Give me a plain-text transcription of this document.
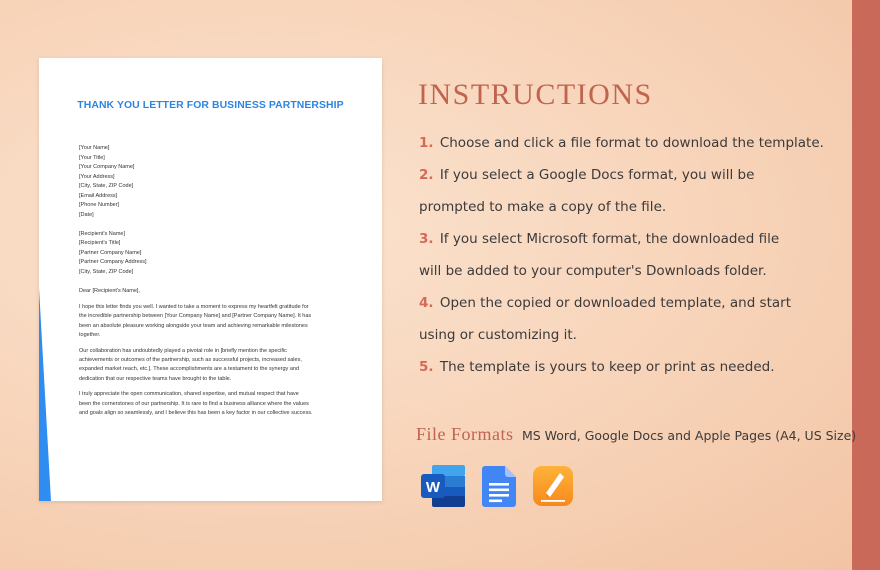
THANK YOU LETTER FOR BUSINESS PARTNERSHIP
[Your Name]
[Your Title]
[Your Company Name]
[Your Address]
[City, State, ZIP Code]
[Email Address]
[Phone Number]
[Date]
[Recipient's Name]
[Recipient's Title]
[Partner Company Name]
[Partner Company Address]
[City, State, ZIP Code]
Dear [Recipient's Name],
I hope this letter finds you well. I wanted to take a moment to express my heartfelt gratitude for
the incredible partnership between [Your Company Name] and [Partner Company Name]. It has
been an absolute pleasure working alongside your team and achieving remarkable milestones
together.
Our collaboration has undoubtedly played a pivotal role in [briefly mention the specific
achievements or outcomes of the partnership, such as successful projects, increased sales,
expanded market reach, etc.]. These accomplishments are a testament to the synergy and
dedication that our respective teams have brought to the table.
I truly appreciate the open communication, shared expertise, and mutual respect that have
been the cornerstones of our partnership. It is rare to find a business alliance where the values
and goals align so seamlessly, and I believe this has been a key factor in our collective success.
INSTRUCTIONS
1. Choose and click a file format to download the template.
2. If you select a Google Docs format, you will be
prompted to make a copy of the file.
3. If you select Microsoft format, the downloaded file
will be added to your computer's Downloads folder.
4. Open the copied or downloaded template, and start
using or customizing it.
5. The template is yours to keep or print as needed.
File Formats MS Word, Google Docs and Apple Pages (A4, US Size)
W
